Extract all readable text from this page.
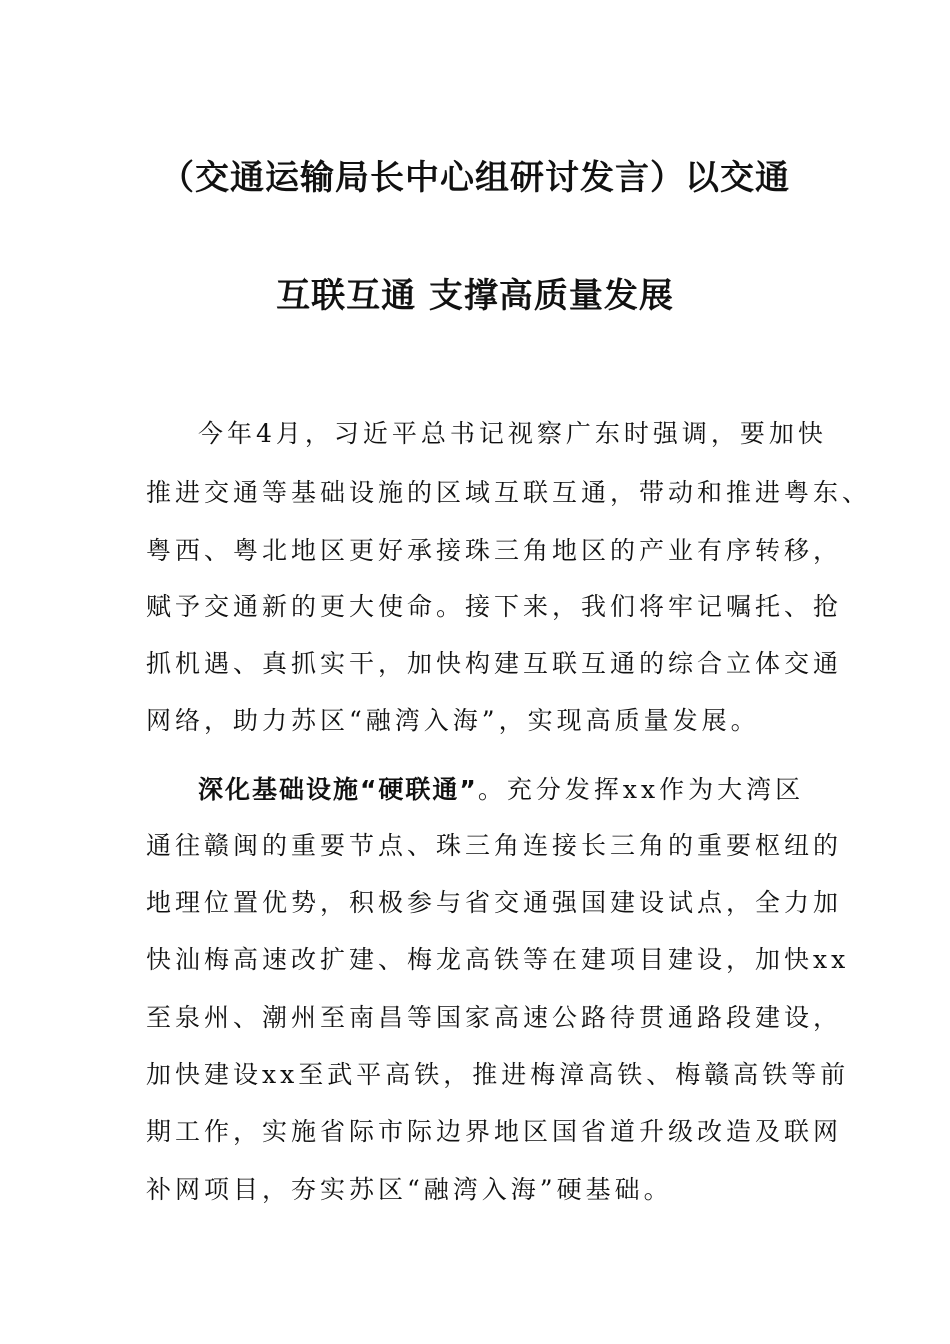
（交通运输局长中心组研讨发言）以交通
互联互通 支撑高质量发展
今年4月，习近平总书记视察广东时强调，要加快
推进交通等基础设施的区域互联互通，带动和推进粤东、
粤西、粤北地区更好承接珠三角地区的产业有序转移，
赋予交通新的更大使命。接下来，我们将牢记嘱托、抢
抓机遇、真抓实干，加快构建互联互通的综合立体交通
网络，助力苏区“融湾入海”，实现高质量发展。
深化基础设施“硬联通”。充分发挥xx作为大湾区
通往赣闽的重要节点、珠三角连接长三角的重要枢纽的
地理位置优势，积极参与省交通强国建设试点，全力加
快汕梅高速改扩建、梅龙高铁等在建项目建设，加快xx
至泉州、潮州至南昌等国家高速公路待贯通路段建设，
加快建设xx至武平高铁，推进梅漳高铁、梅赣高铁等前
期工作，实施省际市际边界地区国省道升级改造及联网
补网项目，夯实苏区“融湾入海”硬基础。
